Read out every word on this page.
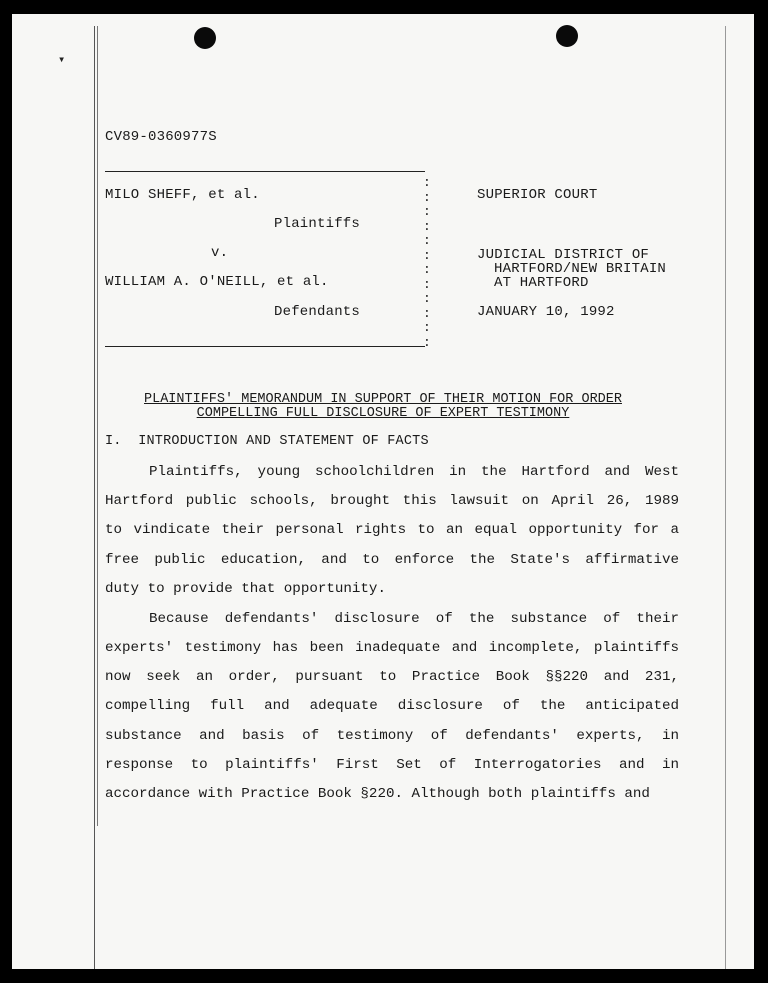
▾
CV89-0360977S
MILO SHEFF, et al.
Plaintiffs
v.
WILLIAM A. O'NEILL, et al.
Defendants
:
:
:
:
:
:
:
:
:
:
:
:
SUPERIOR COURT
JUDICIAL DISTRICT OF
HARTFORD/NEW BRITAIN
AT HARTFORD
JANUARY 10, 1992
PLAINTIFFS' MEMORANDUM IN SUPPORT OF THEIR MOTION FOR ORDER
COMPELLING FULL DISCLOSURE OF EXPERT TESTIMONY
I.  INTRODUCTION AND STATEMENT OF FACTS
Plaintiffs, young schoolchildren in the Hartford and West
Hartford public schools, brought this lawsuit on April 26, 1989
to vindicate their personal rights to an equal opportunity for a
free public education, and to enforce the State's affirmative
duty to provide that opportunity.
Because defendants' disclosure of the substance of their
experts' testimony has been inadequate and incomplete, plaintiffs
now seek an order, pursuant to Practice Book §§220 and 231,
compelling full and adequate disclosure of the anticipated
substance and basis of testimony of defendants' experts, in
response to plaintiffs' First Set of Interrogatories and in
accordance with Practice Book §220. Although both plaintiffs and
